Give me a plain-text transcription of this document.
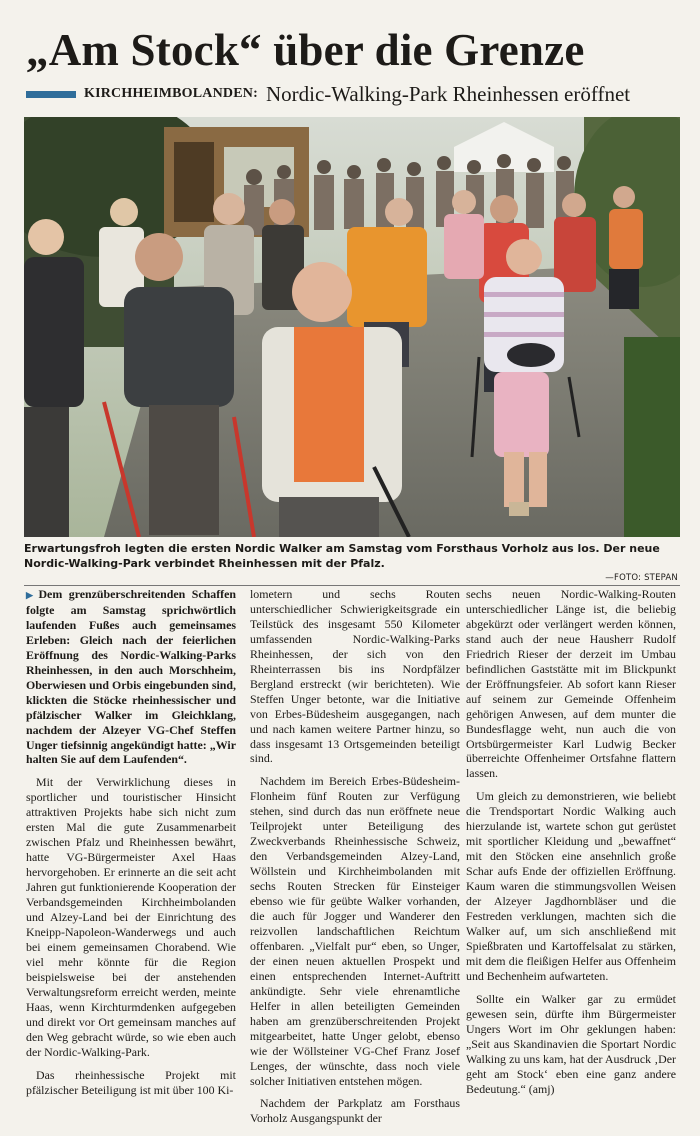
„Am Stock“ über die Grenze
KIRCHHEIMBOLANDEN: Nordic-Walking-Park Rheinhessen eröffnet
Erwartungsfroh legten die ersten Nordic Walker am Samstag vom Forsthaus Vorholz aus los. Der neue Nordic-Walking-Park verbindet Rheinhessen mit der Pfalz.
—FOTO: STEPAN

▶ Dem grenzüberschreitenden Schaffen folgte am Samstag sprichwörtlich laufenden Fußes auch gemeinsames Erleben: Gleich nach der feierlichen Eröffnung des Nordic-Walking-Parks Rheinhessen, in den auch Morschheim, Oberwiesen und Orbis eingebunden sind, klickten die Stöcke rheinhessischer und pfälzischer Walker im Gleichklang, nachdem der Alzeyer VG-Chef Steffen Unger tiefsinnig angekündigt hatte: „Wir halten Sie auf dem Laufenden“.

Mit der Verwirklichung dieses in sportlicher und touristischer Hinsicht attraktiven Projekts habe sich nicht zum ersten Mal die gute Zusammenarbeit zwischen Pfalz und Rheinhessen bewährt, hatte VG-Bürgermeister Axel Haas hervorgehoben. Er erinnerte an die seit acht Jahren gut funktionierende Kooperation der Verbandsgemeinden Kirchheimbolanden und Alzey-Land bei der Einrichtung des Kneipp-Napoleon-Wanderwegs und auch bei einem gemeinsamen Chorabend. Wie viel mehr könnte für die Region beispielsweise bei der anstehenden Verwaltungsreform erreicht werden, meinte Haas, wenn Kirchturmdenken aufgegeben und direkt vor Ort gemeinsam manches auf den Weg gebracht würde, so wie eben auch der Nordic-Walking-Park.

Das rheinhessische Projekt mit pfälzischer Beteiligung ist mit über 100 Ki-

lometern und sechs Routen unterschiedlicher Schwierigkeitsgrade ein Teilstück des insgesamt 550 Kilometer umfassenden Nordic-Walking-Parks Rheinhessen, der sich von den Rheinterrassen bis ins Nordpfälzer Bergland erstreckt (wir berichteten). Wie Steffen Unger betonte, war die Initiative von Erbes-Büdesheim ausgegangen, nach und nach kamen weitere Partner hinzu, so dass insgesamt 13 Ortsgemeinden beteiligt sind.

Nachdem im Bereich Erbes-Büdesheim-Flonheim fünf Routen zur Verfügung stehen, sind durch das nun eröffnete neue Teilprojekt unter Beteiligung des Zweckverbands Rheinhessische Schweiz, den Verbandsgemeinden Alzey-Land, Wöllstein und Kirchheimbolanden mit sechs Routen Strecken für Einsteiger ebenso wie für geübte Walker vorhanden, die auch für Jogger und Wanderer den reizvollen landschaftlichen Reichtum offenbaren. „Vielfalt pur“ eben, so Unger, der einen neuen aktuellen Prospekt und einen entsprechenden Internet-Auftritt ankündigte. Sehr viele ehrenamtliche Helfer in allen beteiligten Gemeinden haben am grenzüberschreitenden Projekt mitgearbeitet, hatte Unger gelobt, ebenso wie der Wöllsteiner VG-Chef Franz Josef Lenges, der wünschte, dass noch viele solcher Initiativen entstehen mögen.

Nachdem der Parkplatz am Forsthaus Vorholz Ausgangspunkt der

sechs neuen Nordic-Walking-Routen unterschiedlicher Länge ist, die beliebig abgekürzt oder verlängert werden können, stand auch der neue Hausherr Rudolf Friedrich Rieser der derzeit im Umbau befindlichen Gaststätte mit im Blickpunkt der Eröffnungsfeier. Ab sofort kann Rieser auf seinem zur Gemeinde Offenheim gehörigen Anwesen, auf dem munter die Bundesflagge weht, nun auch die von Ortsbürgermeister Karl Ludwig Becker überreichte Offenheimer Ortsfahne flattern lassen.

Um gleich zu demonstrieren, wie beliebt die Trendsportart Nordic Walking auch hierzulande ist, wartete schon gut gerüstet mit sportlicher Kleidung und „bewaffnet“ mit den Stöcken eine ansehnlich große Schar aufs Ende der offiziellen Eröffnung. Kaum waren die stimmungsvollen Weisen der Alzeyer Jagdhornbläser und die Festreden verklungen, machten sich die Walker auf, um sich anschließend mit Spießbraten und Kartoffelsalat zu stärken, mit dem die fleißigen Helfer aus Offenheim und Bechenheim aufwarteten.

Sollte ein Walker gar zu ermüdet gewesen sein, dürfte ihm Bürgermeister Ungers Wort im Ohr geklungen haben: „Seit aus Skandinavien die Sportart Nordic Walking zu uns kam, hat der Ausdruck ‚Der geht am Stock‘ eben eine ganz andere Bedeutung.“ (amj)
